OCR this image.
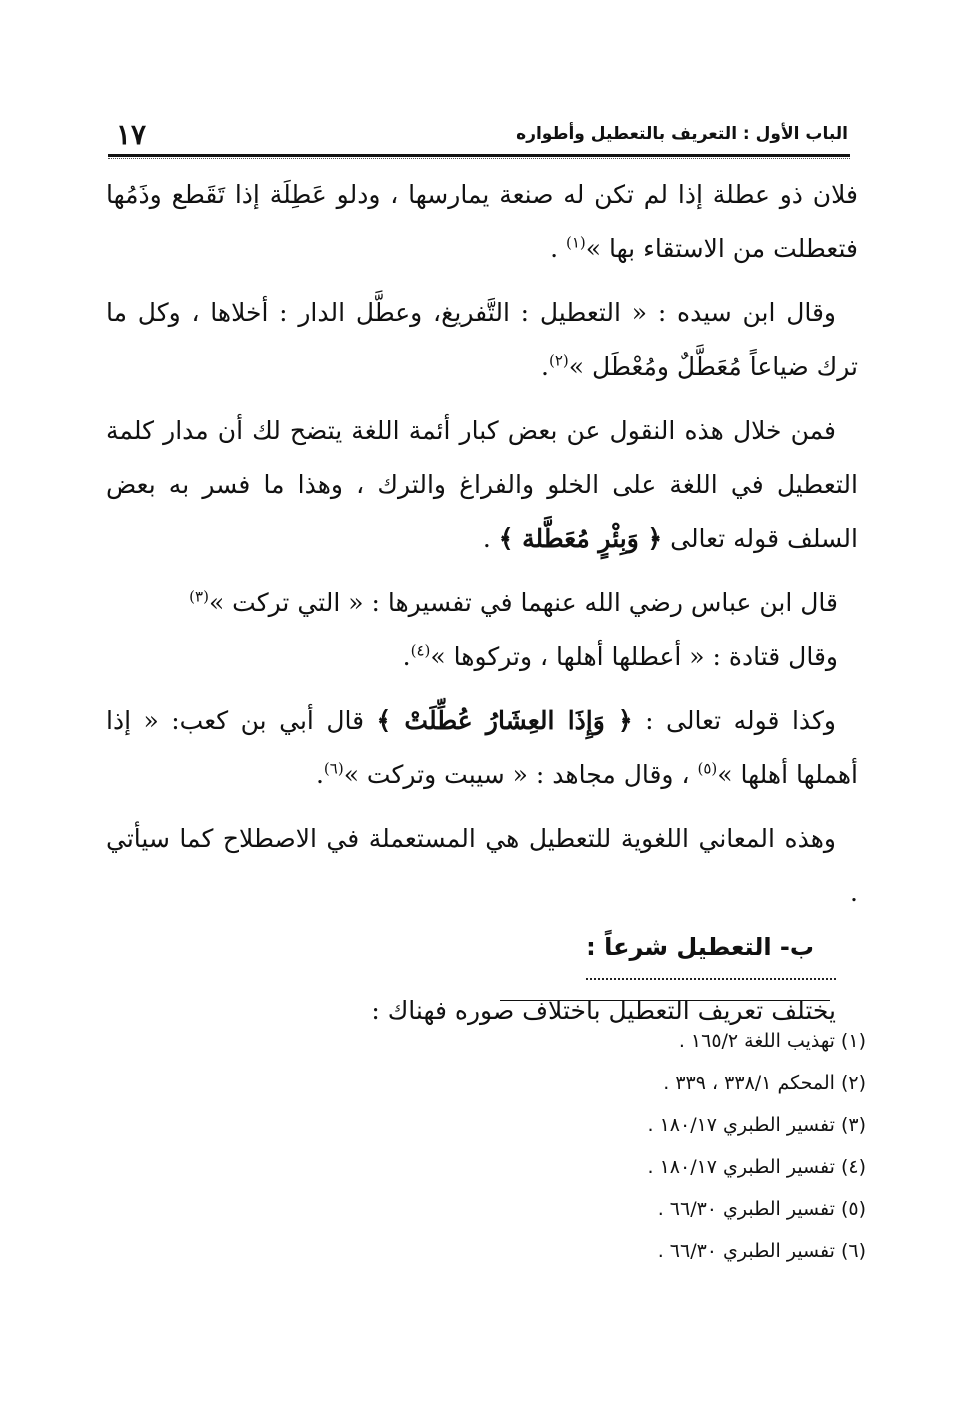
الباب الأول : التعريف بالتعطيل وأطواره
١٧

فلان ذو عطلة إذا لم تكن له صنعة يمارسها ، ودلو عَطِلَة إذا تَقَطع وذَمُها فتعطلت من الاستقاء بها »$^{(١)}$ .

وقال ابن سيده : « التعطيل : التَّفريغ، وعطَّل الدار : أخلاها ، وكل ما ترك ضياعاً مُعَطَّلٌ ومُعْطَل »$^{(٢)}$.

فمن خلال هذه النقول عن بعض كبار أئمة اللغة يتضح لك أن مدار كلمة التعطيل في اللغة على الخلو والفراغ والترك ، وهذا ما فسر به بعض السلف قوله تعالى ﴿ وَبِئْرٍ مُعَطَّلة ﴾ .

قال ابن عباس رضي الله عنهما في تفسيرها : « التي تركت »$^{(٣)}$

وقال قتادة : « أعطلها أهلها ، وتركوها »$^{(٤)}$.

وكذا قوله تعالى : ﴿ وَإِذَا العِشَارُ عُطِّلَتْ ﴾ قال أبي بن كعب: « إذا أهملها أهلها »$^{(٥)}$ ، وقال مجاهد : « سيبت وتركت »$^{(٦)}$.

وهذه المعاني اللغوية للتعطيل هي المستعملة في الاصطلاح كما سيأتي .

ب- التعطيل شرعاً :

يختلف تعريف التعطيل باختلاف صوره فهناك :

(١) تهذيب اللغة ١٦٥/٢ .

(٢) المحكم ٣٣٨/١ ، ٣٣٩ .

(٣) تفسير الطبري ١٨٠/١٧ .

(٤) تفسير الطبري ١٨٠/١٧ .

(٥) تفسير الطبري ٦٦/٣٠ .

(٦) تفسير الطبري ٦٦/٣٠ .
